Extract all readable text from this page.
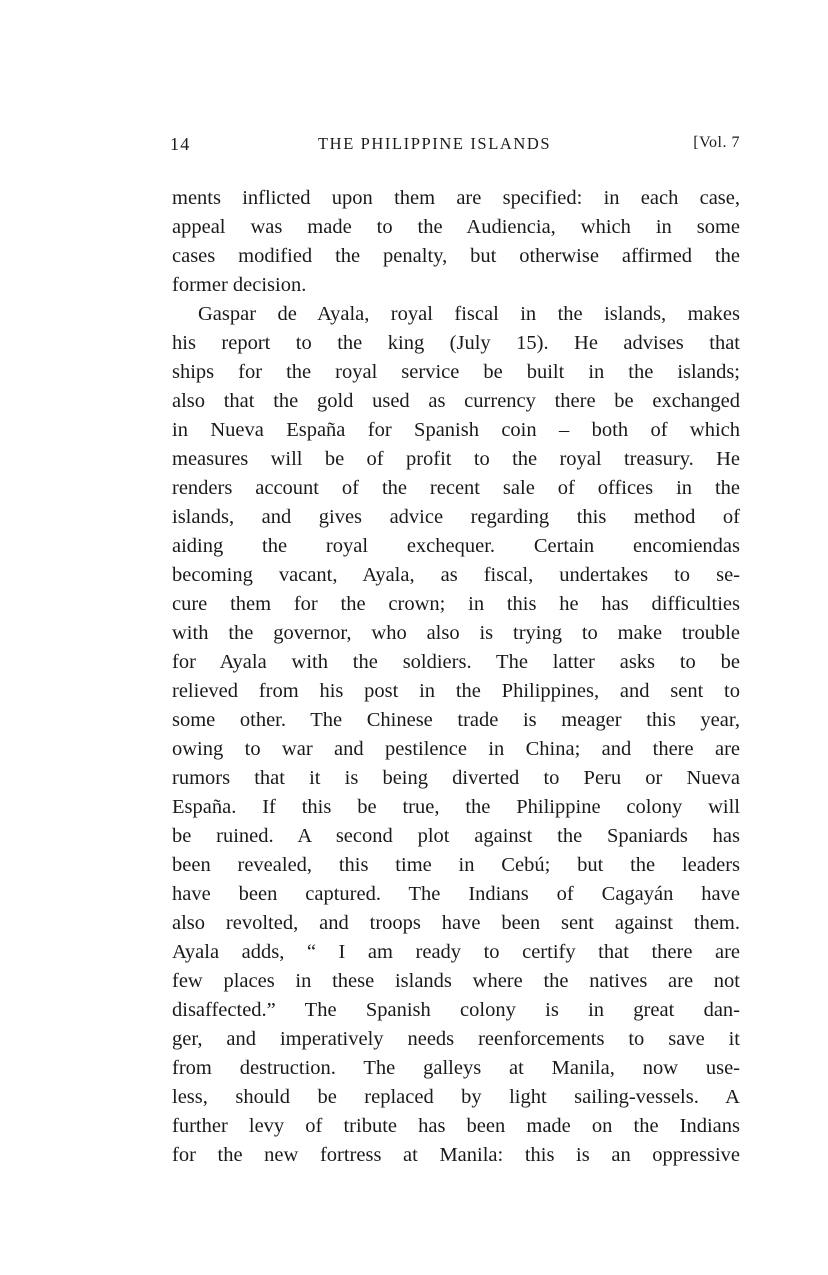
14	THE PHILIPPINE ISLANDS	[Vol. 7
ments inflicted upon them are specified: in each case,
appeal was made to the Audiencia, which in some
cases modified the penalty, but otherwise affirmed the
former decision.
Gaspar de Ayala, royal fiscal in the islands, makes
his report to the king (July 15). He advises that
ships for the royal service be built in the islands;
also that the gold used as currency there be exchanged
in Nueva España for Spanish coin – both of which
measures will be of profit to the royal treasury. He
renders account of the recent sale of offices in the
islands, and gives advice regarding this method of
aiding the royal exchequer. Certain encomiendas
becoming vacant, Ayala, as fiscal, undertakes to se-
cure them for the crown; in this he has difficulties
with the governor, who also is trying to make trouble
for Ayala with the soldiers. The latter asks to be
relieved from his post in the Philippines, and sent to
some other. The Chinese trade is meager this year,
owing to war and pestilence in China; and there are
rumors that it is being diverted to Peru or Nueva
España. If this be true, the Philippine colony will
be ruined. A second plot against the Spaniards has
been revealed, this time in Cebú; but the leaders
have been captured. The Indians of Cagayán have
also revolted, and troops have been sent against them.
Ayala adds, “ I am ready to certify that there are
few places in these islands where the natives are not
disaffected.” The Spanish colony is in great dan-
ger, and imperatively needs reenforcements to save it
from destruction. The galleys at Manila, now use-
less, should be replaced by light sailing-vessels. A
further levy of tribute has been made on the Indians
for the new fortress at Manila: this is an oppressive
